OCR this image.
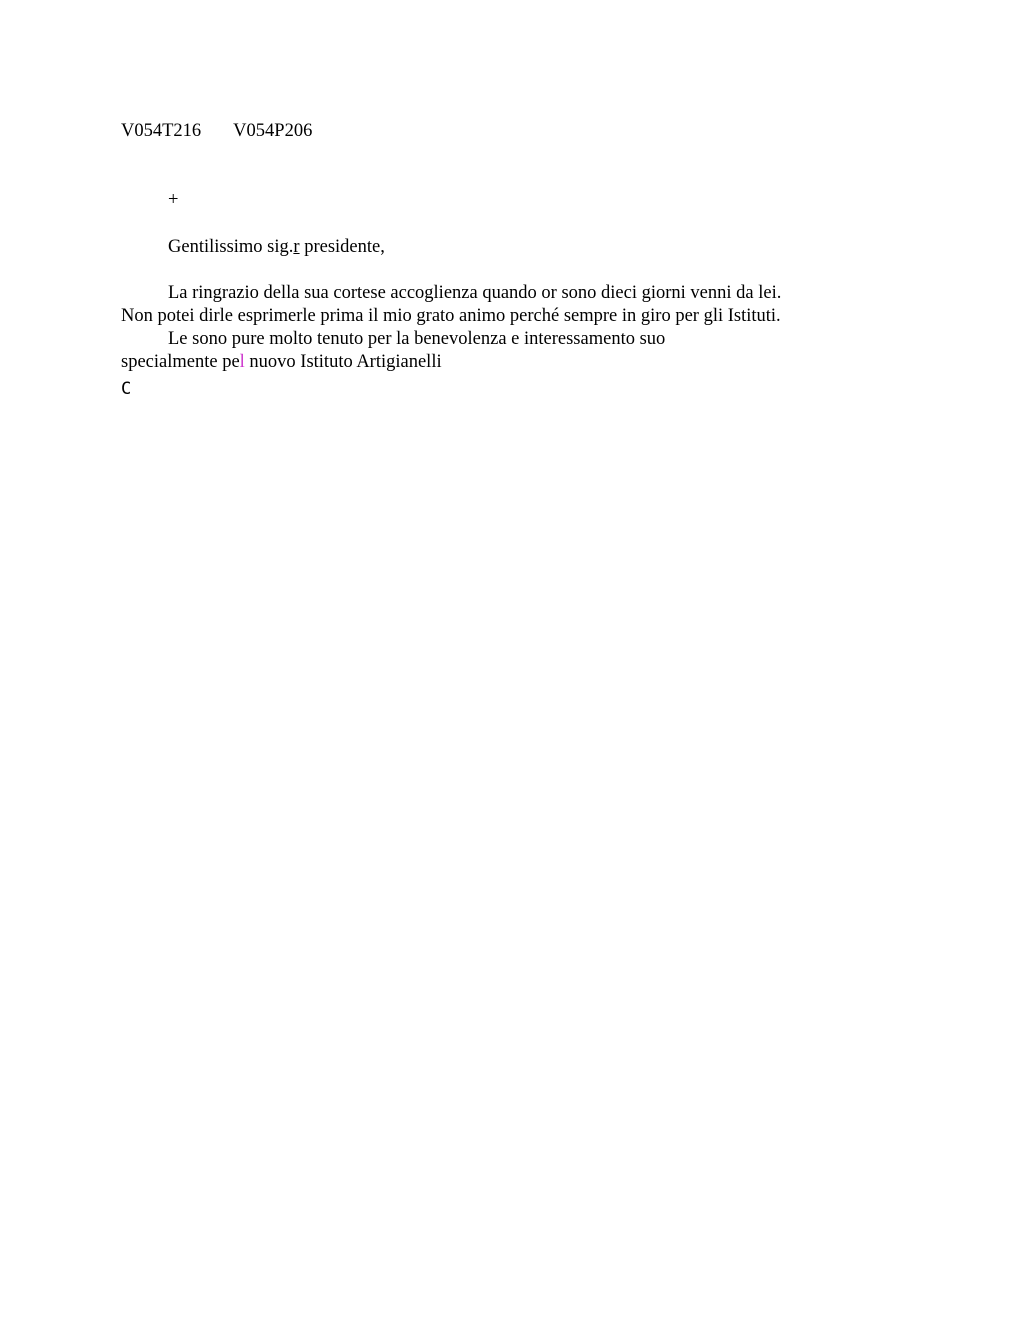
V054T216 V054P206
+
Gentilissimo sig.r presidente,
La ringrazio della sua cortese accoglienza quando or sono dieci giorni venni da lei.
Non potei dirle esprimerle prima il mio grato animo perché sempre in giro per gli Istituti.
Le sono pure molto tenuto per la benevolenza e interessamento suo
specialmente pel nuovo Istituto Artigianelli
C
